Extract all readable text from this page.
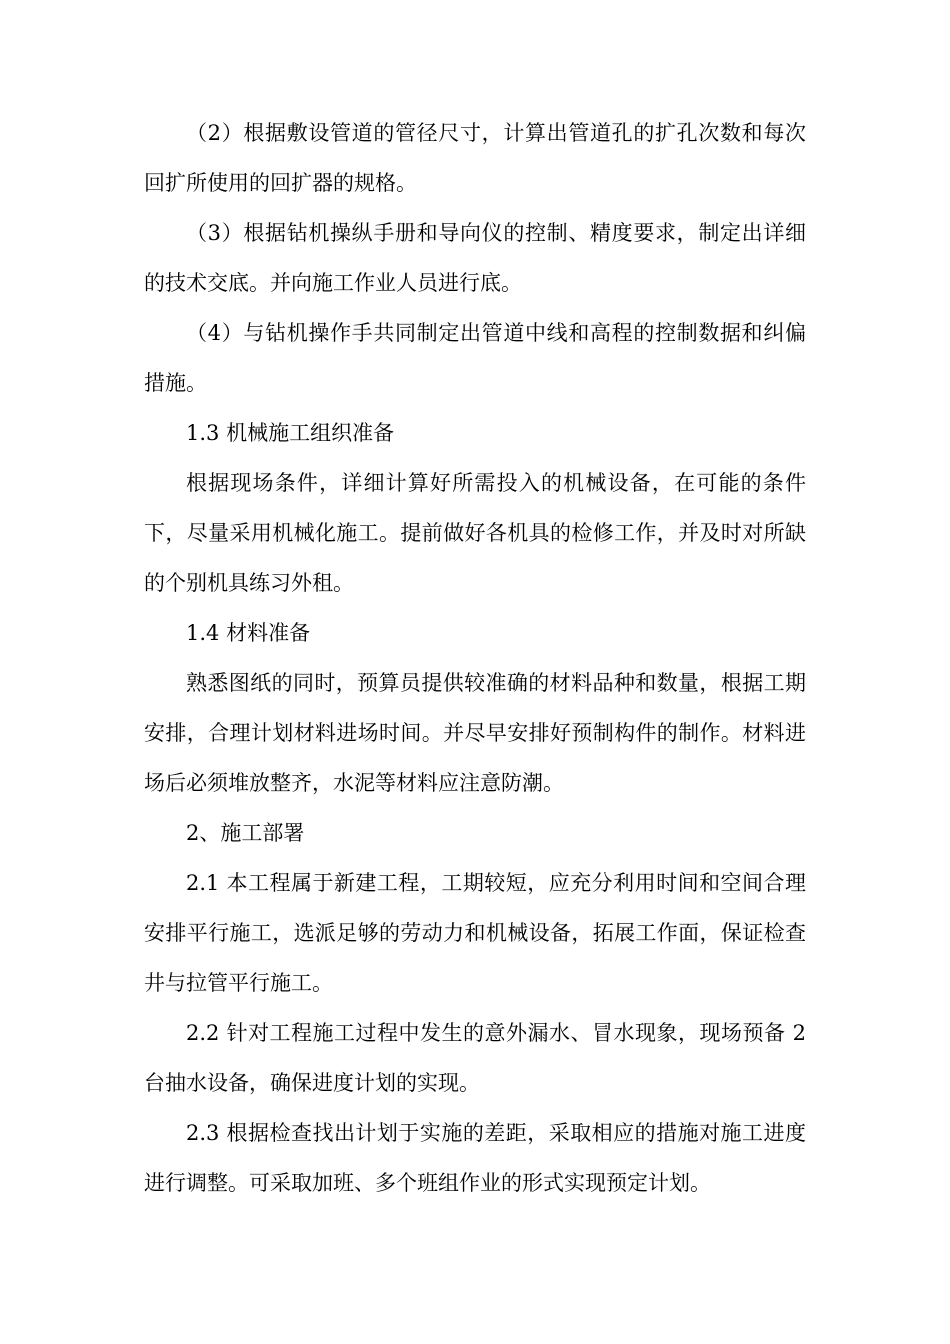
（2）根据敷设管道的管径尺寸，计算出管道孔的扩孔次数和每次回扩所使用的回扩器的规格。

（3）根据钻机操纵手册和导向仪的控制、精度要求，制定出详细的技术交底。并向施工作业人员进行底。

（4）与钻机操作手共同制定出管道中线和高程的控制数据和纠偏措施。

1.3 机械施工组织准备

根据现场条件，详细计算好所需投入的机械设备，在可能的条件下，尽量采用机械化施工。提前做好各机具的检修工作，并及时对所缺的个别机具练习外租。

1.4 材料准备

熟悉图纸的同时，预算员提供较准确的材料品种和数量，根据工期安排，合理计划材料进场时间。并尽早安排好预制构件的制作。材料进场后必须堆放整齐，水泥等材料应注意防潮。

2、施工部署

2.1 本工程属于新建工程，工期较短，应充分利用时间和空间合理安排平行施工，选派足够的劳动力和机械设备，拓展工作面，保证检查井与拉管平行施工。

2.2 针对工程施工过程中发生的意外漏水、冒水现象，现场预备 2 台抽水设备，确保进度计划的实现。

2.3 根据检查找出计划于实施的差距，采取相应的措施对施工进度进行调整。可采取加班、多个班组作业的形式实现预定计划。
